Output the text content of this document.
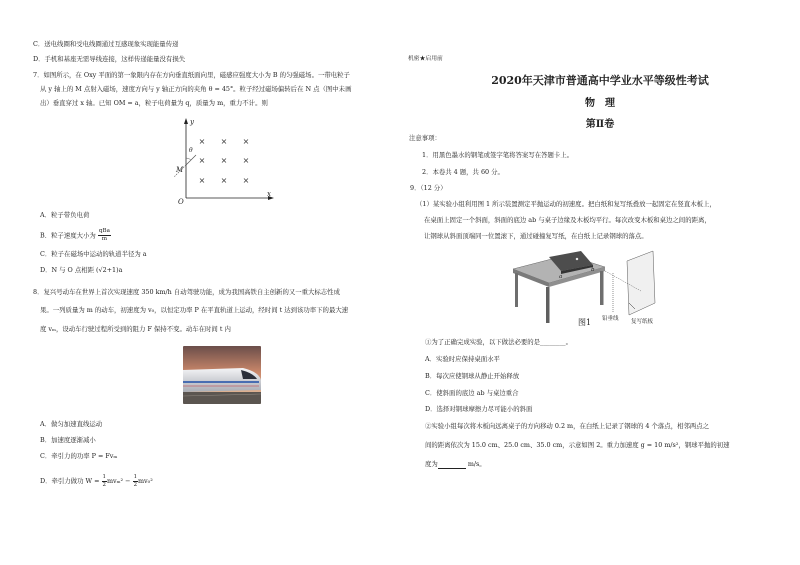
C．送电线圈和受电线圈通过互感现象实现能量传递
D．手机和基座无需导线连接，这样传递能量没有损失
7．如图所示，在 Oxy 平面的第一象限内存在方向垂直纸面向里，磁感应强度大小为 B 的匀强磁场。一带电粒子
从 y 轴上的 M 点射入磁场，速度方向与 y 轴正方向的夹角 θ = 45°。粒子经过磁场偏转后在 N 点（图中未画
出）垂直穿过 x 轴。已知 OM = a，粒子电荷量为 q，质量为 m，重力不计。则
× × ×
× × ×
× × ×
y
x
O
M
θ
A．粒子带负电荷
B．粒子速度大小为
qBa
m
C．粒子在磁场中运动的轨道半径为 a
D．N 与 O 点相距 (√2+1)a
8．复兴号动车在世界上首次实现速度 350 km/h 自动驾驶功能，成为我国高铁自主创新的又一重大标志性成
果。一列质量为 m 的动车，初速度为 v₀，以恒定功率 P 在平直轨道上运动，经时间 t 达到该功率下的最大速
度 vₘ，设动车行驶过程所受到的阻力 F 保持不变。动车在时间 t 内
A．做匀加速直线运动
B．加速度逐渐减小
C．牵引力的功率 P = Fvₘ
D．牵引力做功 $W = \frac{1}{2} mv_m^2 - \frac{1}{2} mv_0^2$
机密★启用前
2020年天津市普通高中学业水平等级性考试
物　理
第Ⅱ卷
注意事项：
1．用黑色墨水的钢笔或签字笔将答案写在答题卡上。
2．本卷共 4 题，共 60 分。
9．（12 分）
（1）某实验小组利用图 1 所示装置测定平抛运动的初速度。把白纸和复写纸叠放一起固定在竖直木板上，
在桌面上固定一个斜面，斜面的底边 ab 与桌子边缘及木板均平行。每次改变木板和桌边之间的距离，
让钢球从斜面顶端同一位置滚下，通过碰撞复写纸，在白纸上记录钢球的落点。
a
b
铅垂线 复写纸板
图1
①为了正确完成实验，以下做法必要的是________。
A．实验时应保持桌面水平
B．每次应使钢球从静止开始释放
C．使斜面的底边 ab 与桌边重合
D．选择对钢球摩擦力尽可能小的斜面
②实验小组每次将木板向远离桌子的方向移动 0.2 m，在白纸上记录了钢球的 4 个落点，相邻两点之
间的距离依次为 15.0 cm、25.0 cm、35.0 cm，示意如图 2。重力加速度 g = 10 m/s²，钢球平抛的初速
度为	m/s。
